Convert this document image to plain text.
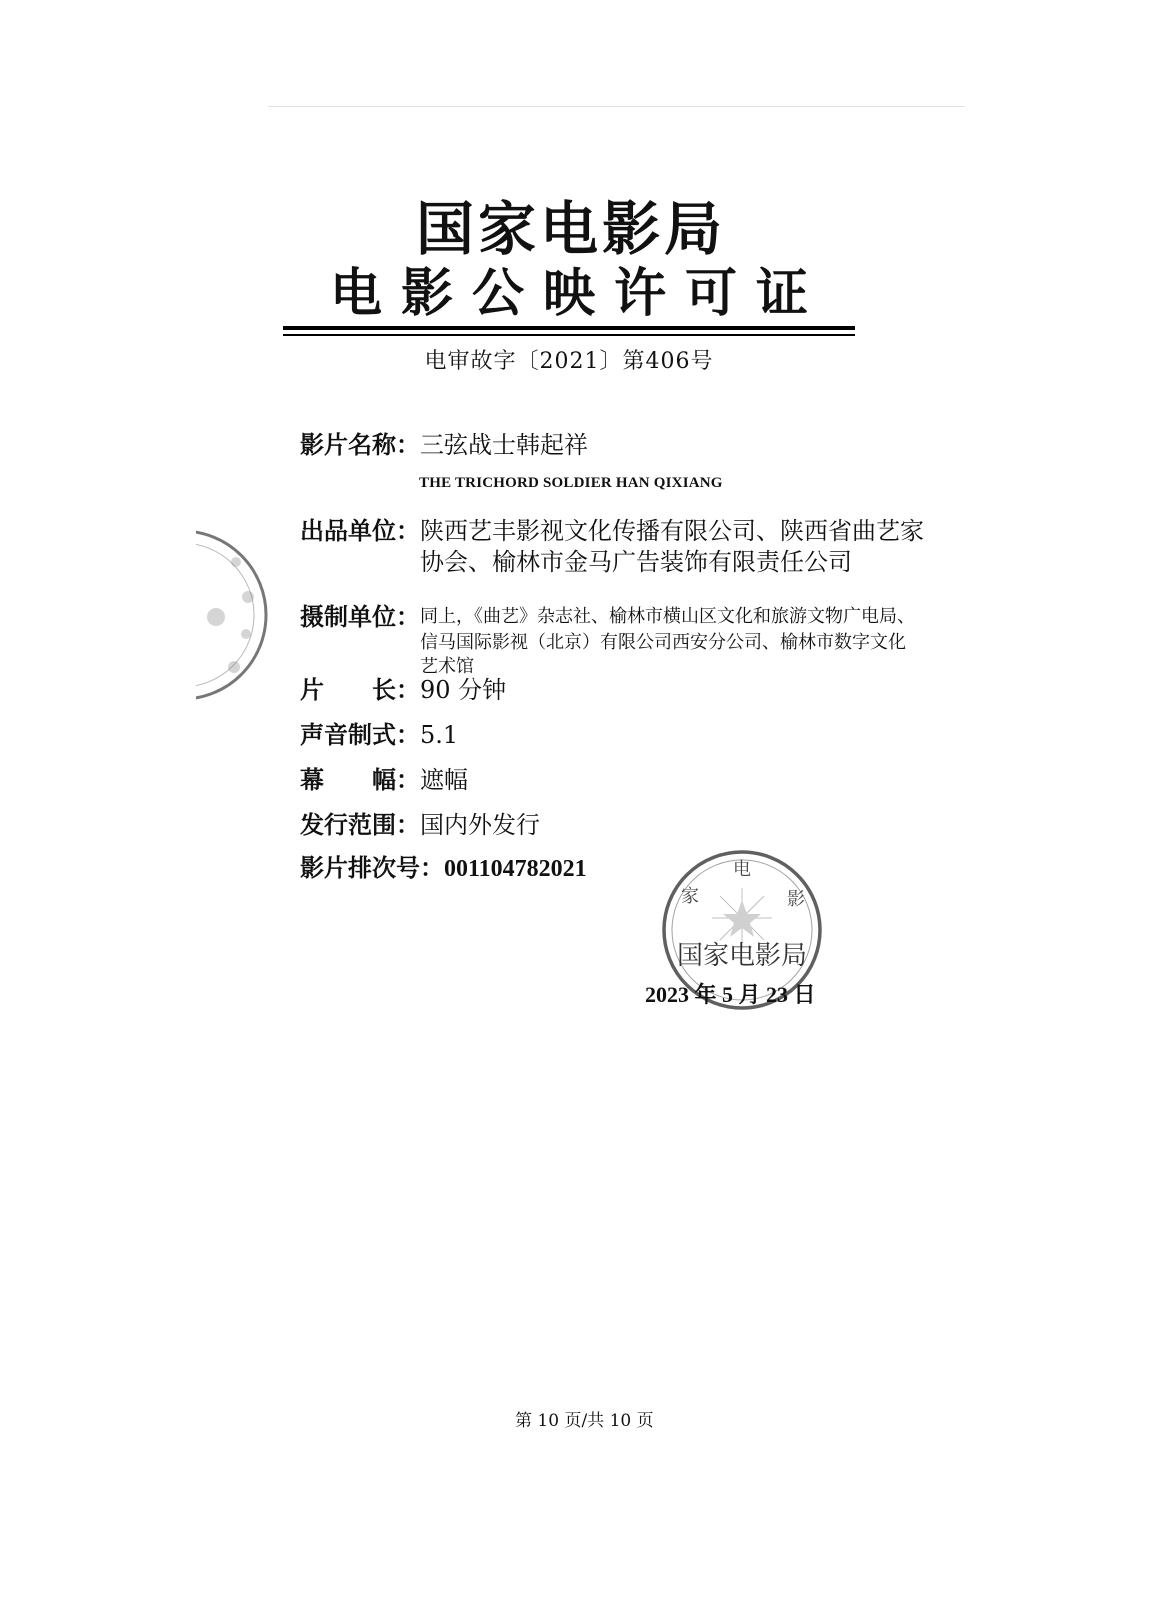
国家电影局
电影公映许可证
电审故字〔2021〕第406号
影片名称：三弦战士韩起祥
THE TRICHORD SOLDIER HAN QIXIANG
出品单位：陕西艺丰影视文化传播有限公司、陕西省曲艺家
协会、榆林市金马广告装饰有限责任公司
摄制单位： 同上，《曲艺》杂志社、榆林市横山区文化和旅游文物广电局、
信马国际影视（北京）有限公司西安分公司、榆林市数字文化
艺术馆
片　　长：90 分钟
声音制式：5.1
幕　　幅：遮幅
发行范围：国内外发行
影片排次号：001104782021
家
电
影
国家电影局
2023 年 5 月 23 日
第 10 页/共 10 页
